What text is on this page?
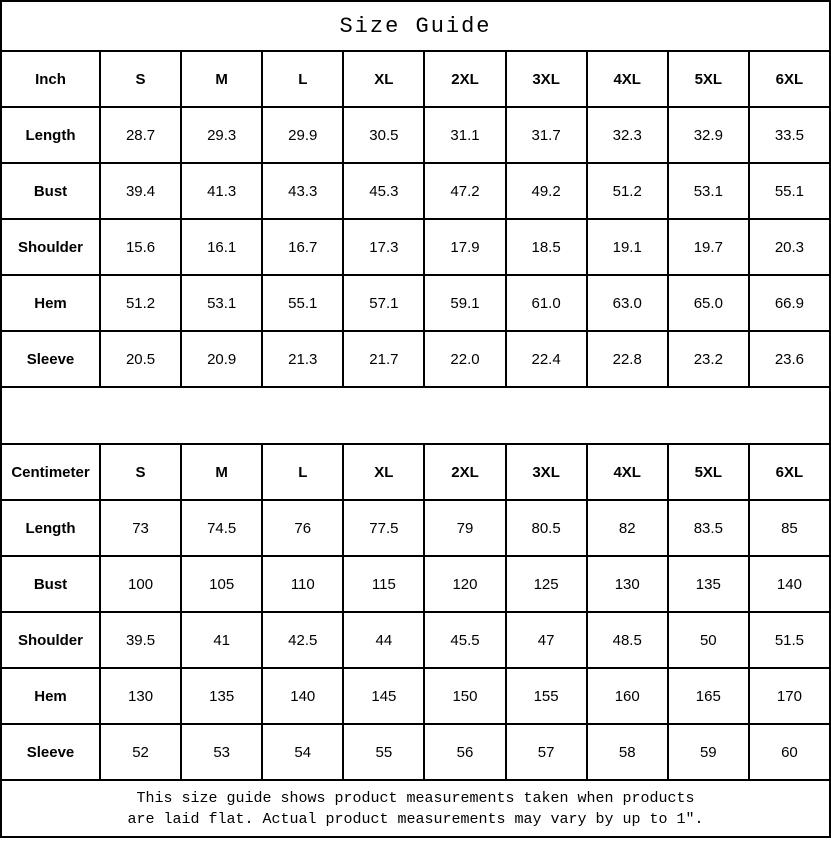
Size Guide									
Inch	S	M	L	XL	2XL	3XL	4XL	5XL	6XL
Length	28.7	29.3	29.9	30.5	31.1	31.7	32.3	32.9	33.5
Bust	39.4	41.3	43.3	45.3	47.2	49.2	51.2	53.1	55.1
Shoulder	15.6	16.1	16.7	17.3	17.9	18.5	19.1	19.7	20.3
Hem	51.2	53.1	55.1	57.1	59.1	61.0	63.0	65.0	66.9
Sleeve	20.5	20.9	21.3	21.7	22.0	22.4	22.8	23.2	23.6

Centimeter	S	M	L	XL	2XL	3XL	4XL	5XL	6XL
Length	73	74.5	76	77.5	79	80.5	82	83.5	85
Bust	100	105	110	115	120	125	130	135	140
Shoulder	39.5	41	42.5	44	45.5	47	48.5	50	51.5
Hem	130	135	140	145	150	155	160	165	170
Sleeve	52	53	54	55	56	57	58	59	60

This size guide shows product measurements taken when products
are laid flat. Actual product measurements may vary by up to 1″.									
